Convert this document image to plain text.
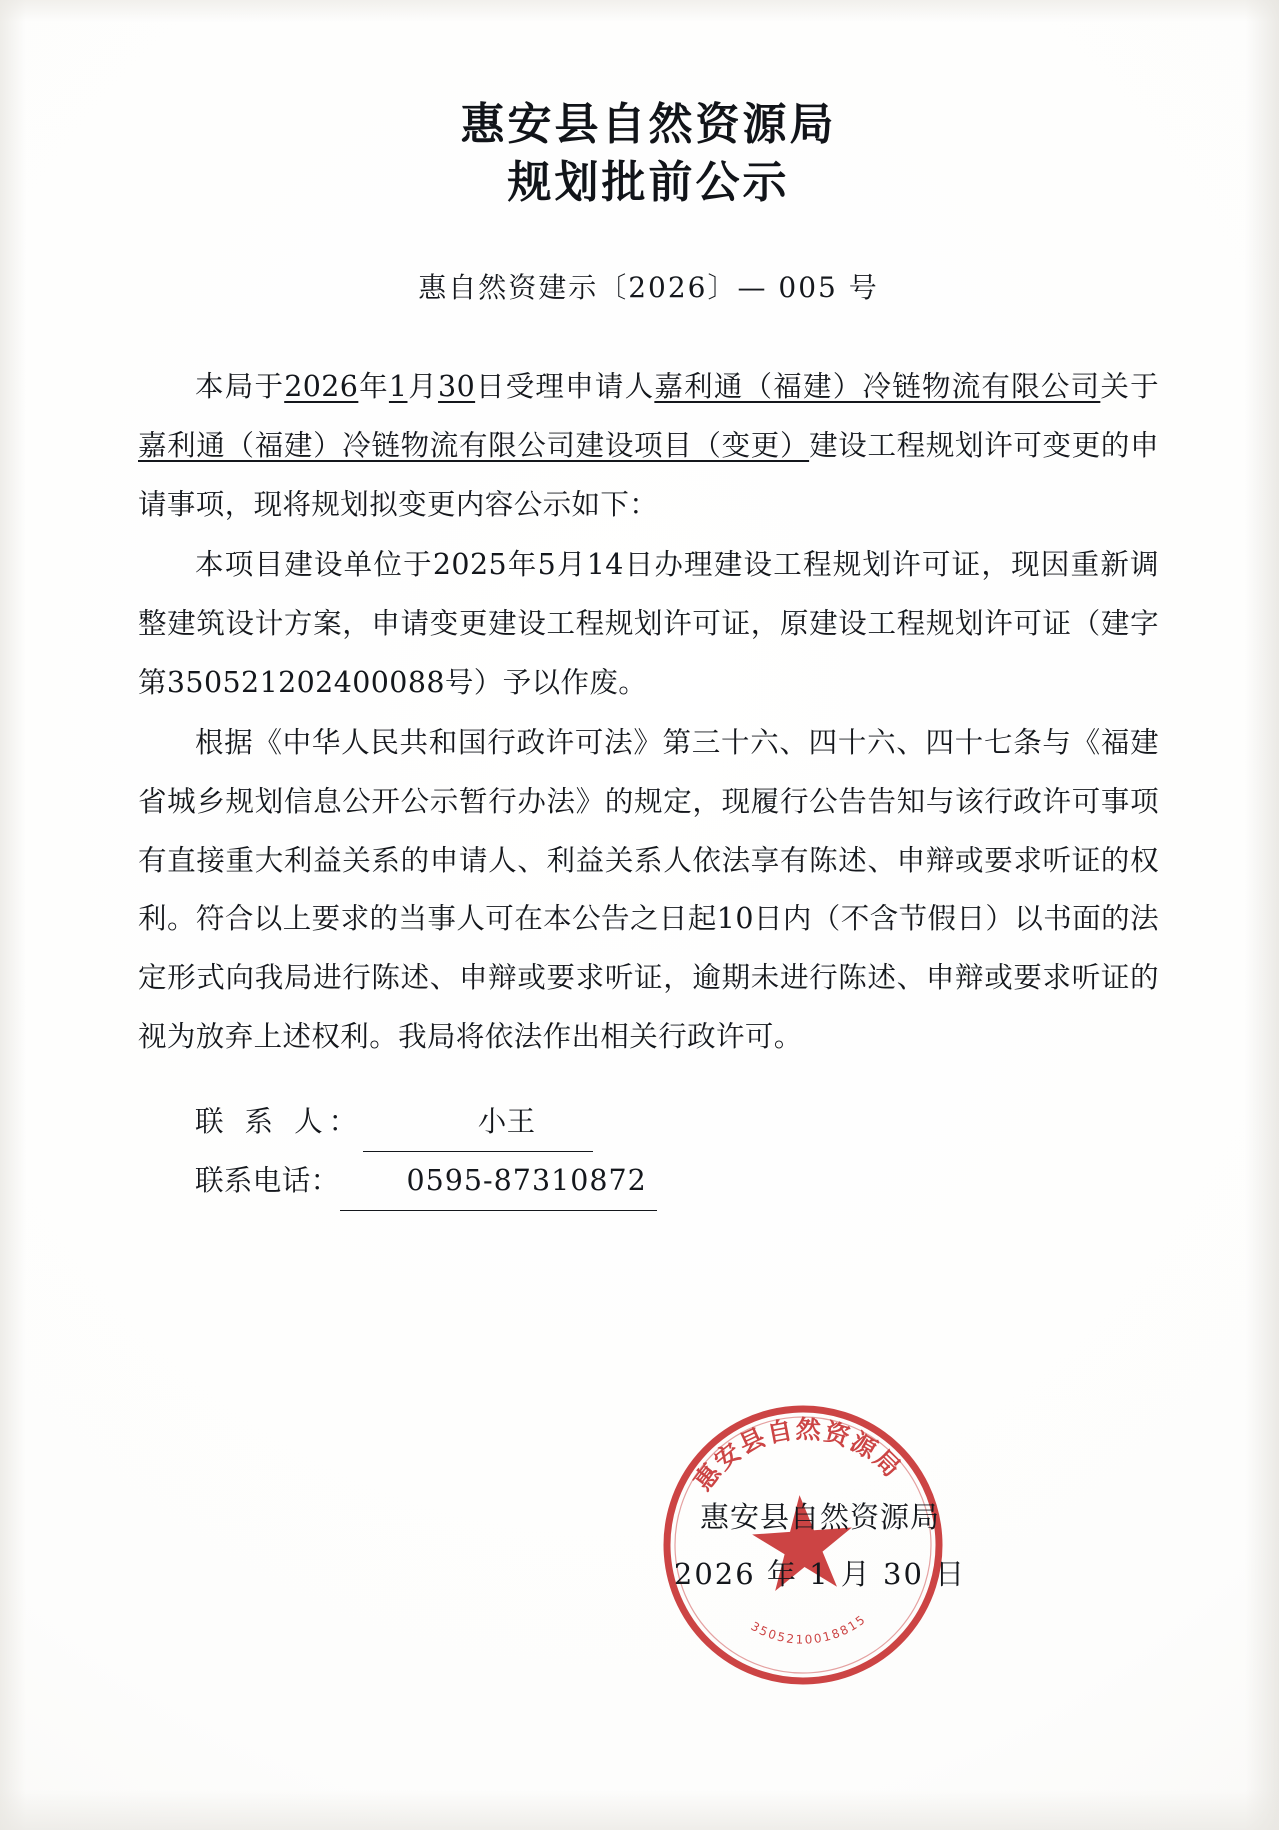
惠安县自然资源局
规划批前公示
惠自然资建示〔2026〕— 005 号

本局于2026年1月30日受理申请人嘉利通（福建）冷链物流有限公司关于嘉利通（福建）冷链物流有限公司建设项目（变更）建设工程规划许可变更的申请事项，现将规划拟变更内容公示如下：

本项目建设单位于2025年5月14日办理建设工程规划许可证，现因重新调整建筑设计方案，申请变更建设工程规划许可证，原建设工程规划许可证（建字第350521202400088号）予以作废。

根据《中华人民共和国行政许可法》第三十六、四十六、四十七条与《福建省城乡规划信息公开公示暂行办法》的规定，现履行公告告知与该行政许可事项有直接重大利益关系的申请人、利益关系人依法享有陈述、申辩或要求听证的权利。符合以上要求的当事人可在本公告之日起10日内（不含节假日）以书面的法定形式向我局进行陈述、申辩或要求听证，逾期未进行陈述、申辩或要求听证的视为放弃上述权利。我局将依法作出相关行政许可。

联 系 人：	小王
联系电话： 0595-87310872
惠安县自然资源局
3505210018815
惠安县自然资源局
2026 年 1 月 30 日
